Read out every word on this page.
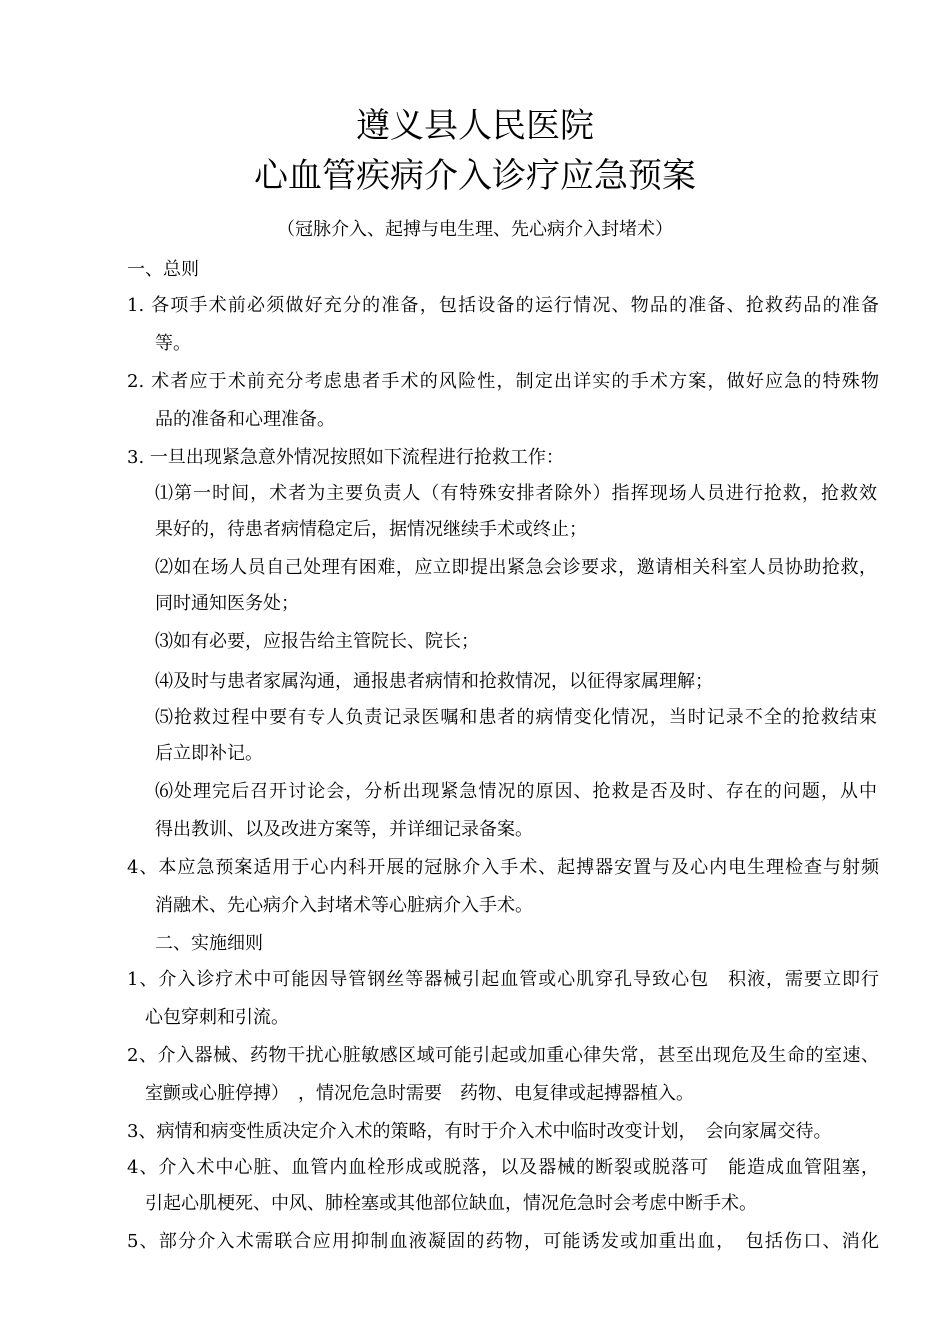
遵义县人民医院
心血管疾病介入诊疗应急预案
（冠脉介入、起搏与电生理、先心病介入封堵术）
一、总则
1. 各项手术前必须做好充分的准备，包括设备的运行情况、物品的准备、抢救药品的准备
等。
2. 术者应于术前充分考虑患者手术的风险性，制定出详实的手术方案，做好应急的特殊物
品的准备和心理准备。
3. 一旦出现紧急意外情况按照如下流程进行抢救工作：
⑴第一时间，术者为主要负责人（有特殊安排者除外）指挥现场人员进行抢救，抢救效
果好的，待患者病情稳定后，据情况继续手术或终止；
⑵如在场人员自己处理有困难，应立即提出紧急会诊要求，邀请相关科室人员协助抢救，
同时通知医务处；
⑶如有必要，应报告给主管院长、院长；
⑷及时与患者家属沟通，通报患者病情和抢救情况，以征得家属理解；
⑸抢救过程中要有专人负责记录医嘱和患者的病情变化情况，当时记录不全的抢救结束
后立即补记。
⑹处理完后召开讨论会，分析出现紧急情况的原因、抢救是否及时、存在的问题，从中
得出教训、以及改进方案等，并详细记录备案。
4、本应急预案适用于心内科开展的冠脉介入手术、起搏器安置与及心内电生理检查与射频
消融术、先心病介入封堵术等心脏病介入手术。
二、实施细则
1、介入诊疗术中可能因导管钢丝等器械引起血管或心肌穿孔导致心包　积液，需要立即行
心包穿刺和引流。
2、介入器械、药物干扰心脏敏感区域可能引起或加重心律失常，甚至出现危及生命的室速、
室颤或心脏停搏）　，情况危急时需要　药物、电复律或起搏器植入。
3、病情和病变性质决定介入术的策略，有时于介入术中临时改变计划，　会向家属交待。
4、介入术中心脏、血管内血栓形成或脱落，以及器械的断裂或脱落可　能造成血管阻塞，
引起心肌梗死、中风、肺栓塞或其他部位缺血，情况危急时会考虑中断手术。
5、部分介入术需联合应用抑制血液凝固的药物，可能诱发或加重出血，　包括伤口、消化
